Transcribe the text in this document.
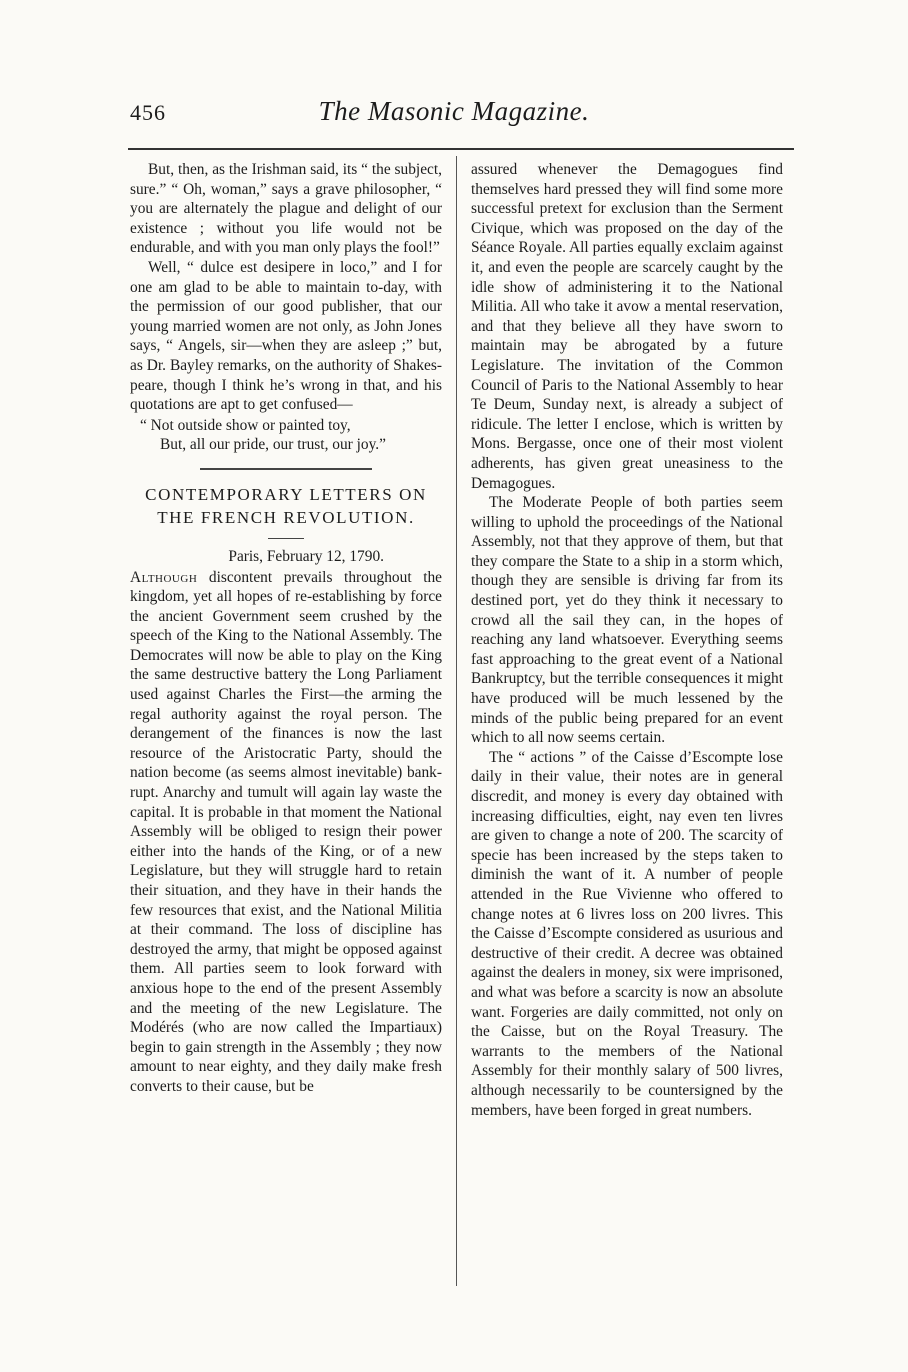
456	The Masonic Magazine.

But, then, as the Irishman said, its “ the subject, sure.” “ Oh, woman,” says a grave philosopher, “ you are alternately the plague and delight of our existence ; without you life would not be endurable, and with you man only plays the fool!”

Well, “ dulce est desipere in loco,” and I for one am glad to be able to maintain to-day, with the permission of our good publisher, that our young married women are not only, as John Jones says, “ Angels, sir—when they are asleep ;” but, as Dr. Bayley remarks, on the authority of Shakespeare, though I think he’s wrong in that, and his quotations are apt to get confused—

“ Not outside show or painted toy,
But, all our pride, our trust, our joy.”
CONTEMPORARY LETTERS ON
THE FRENCH REVOLUTION.
Paris, February 12, 1790.

Although discontent prevails throughout the kingdom, yet all hopes of re-establishing by force the ancient Government seem crushed by the speech of the King to the National Assembly. The Democrates will now be able to play on the King the same destructive battery the Long Parliament used against Charles the First—the arming the regal authority against the royal person. The derangement of the finances is now the last resource of the Aristocratic Party, should the nation become (as seems almost inevitable) bankrupt. Anarchy and tumult will again lay waste the capital. It is probable in that moment the National Assembly will be obliged to resign their power either into the hands of the King, or of a new Legislature, but they will struggle hard to retain their situation, and they have in their hands the few resources that exist, and the National Militia at their command. The loss of discipline has destroyed the army, that might be opposed against them. All parties seem to look forward with anxious hope to the end of the present Assembly and the meeting of the new Legislature. The Modérés (who are now called the Impartiaux) begin to gain strength in the Assembly ; they now amount to near eighty, and they daily make fresh converts to their cause, but be

assured whenever the Demagogues find themselves hard pressed they will find some more successful pretext for exclusion than the Serment Civique, which was proposed on the day of the Séance Royale. All parties equally exclaim against it, and even the people are scarcely caught by the idle show of administering it to the National Militia. All who take it avow a mental reservation, and that they believe all they have sworn to maintain may be abrogated by a future Legislature. The invitation of the Common Council of Paris to the National Assembly to hear Te Deum, Sunday next, is already a subject of ridicule. The letter I enclose, which is written by Mons. Bergasse, once one of their most violent adherents, has given great uneasiness to the Demagogues.

The Moderate People of both parties seem willing to uphold the proceedings of the National Assembly, not that they approve of them, but that they compare the State to a ship in a storm which, though they are sensible is driving far from its destined port, yet do they think it necessary to crowd all the sail they can, in the hopes of reaching any land whatsoever. Everything seems fast approaching to the great event of a National Bankruptcy, but the terrible consequences it might have produced will be much lessened by the minds of the public being prepared for an event which to all now seems certain.

The “ actions ” of the Caisse d’Escompte lose daily in their value, their notes are in general discredit, and money is every day obtained with increasing difficulties, eight, nay even ten livres are given to change a note of 200. The scarcity of specie has been increased by the steps taken to diminish the want of it. A number of people attended in the Rue Vivienne who offered to change notes at 6 livres loss on 200 livres. This the Caisse d’Escompte considered as usurious and destructive of their credit. A decree was obtained against the dealers in money, six were imprisoned, and what was before a scarcity is now an absolute want. Forgeries are daily committed, not only on the Caisse, but on the Royal Treasury. The warrants to the members of the National Assembly for their monthly salary of 500 livres, although necessarily to be countersigned by the members, have been forged in great numbers.
